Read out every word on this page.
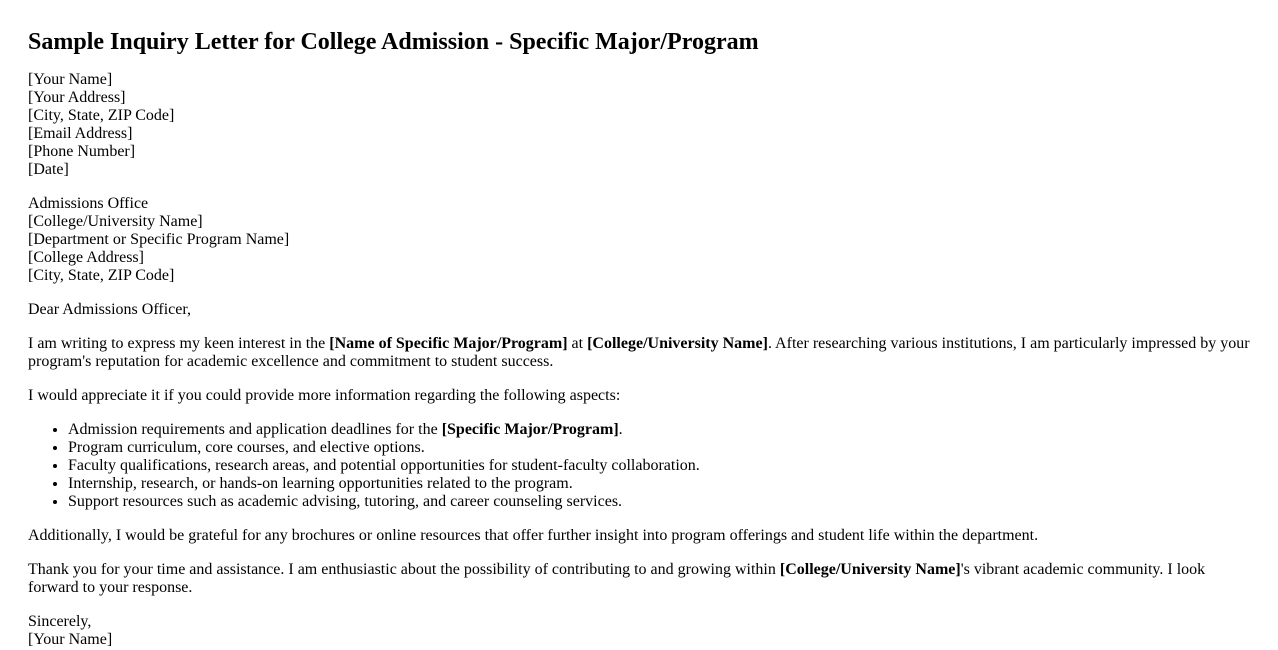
Sample Inquiry Letter for College Admission - Specific Major/Program
[Your Name]
[Your Address]
[City, State, ZIP Code]
[Email Address]
[Phone Number]
[Date]
Admissions Office
[College/University Name]
[Department or Specific Program Name]
[College Address]
[City, State, ZIP Code]

Dear Admissions Officer,

I am writing to express my keen interest in the [Name of Specific Major/Program] at [College/University Name]. After researching various institutions, I am particularly impressed by your program's reputation for academic excellence and commitment to student success.

I would appreciate it if you could provide more information regarding the following aspects:

• Admission requirements and application deadlines for the [Specific Major/Program].
• Program curriculum, core courses, and elective options.
• Faculty qualifications, research areas, and potential opportunities for student-faculty collaboration.
• Internship, research, or hands-on learning opportunities related to the program.
• Support resources such as academic advising, tutoring, and career counseling services.

Additionally, I would be grateful for any brochures or online resources that offer further insight into program offerings and student life within the department.

Thank you for your time and assistance. I am enthusiastic about the possibility of contributing to and growing within [College/University Name]'s vibrant academic community. I look forward to your response.

Sincerely,
[Your Name]
